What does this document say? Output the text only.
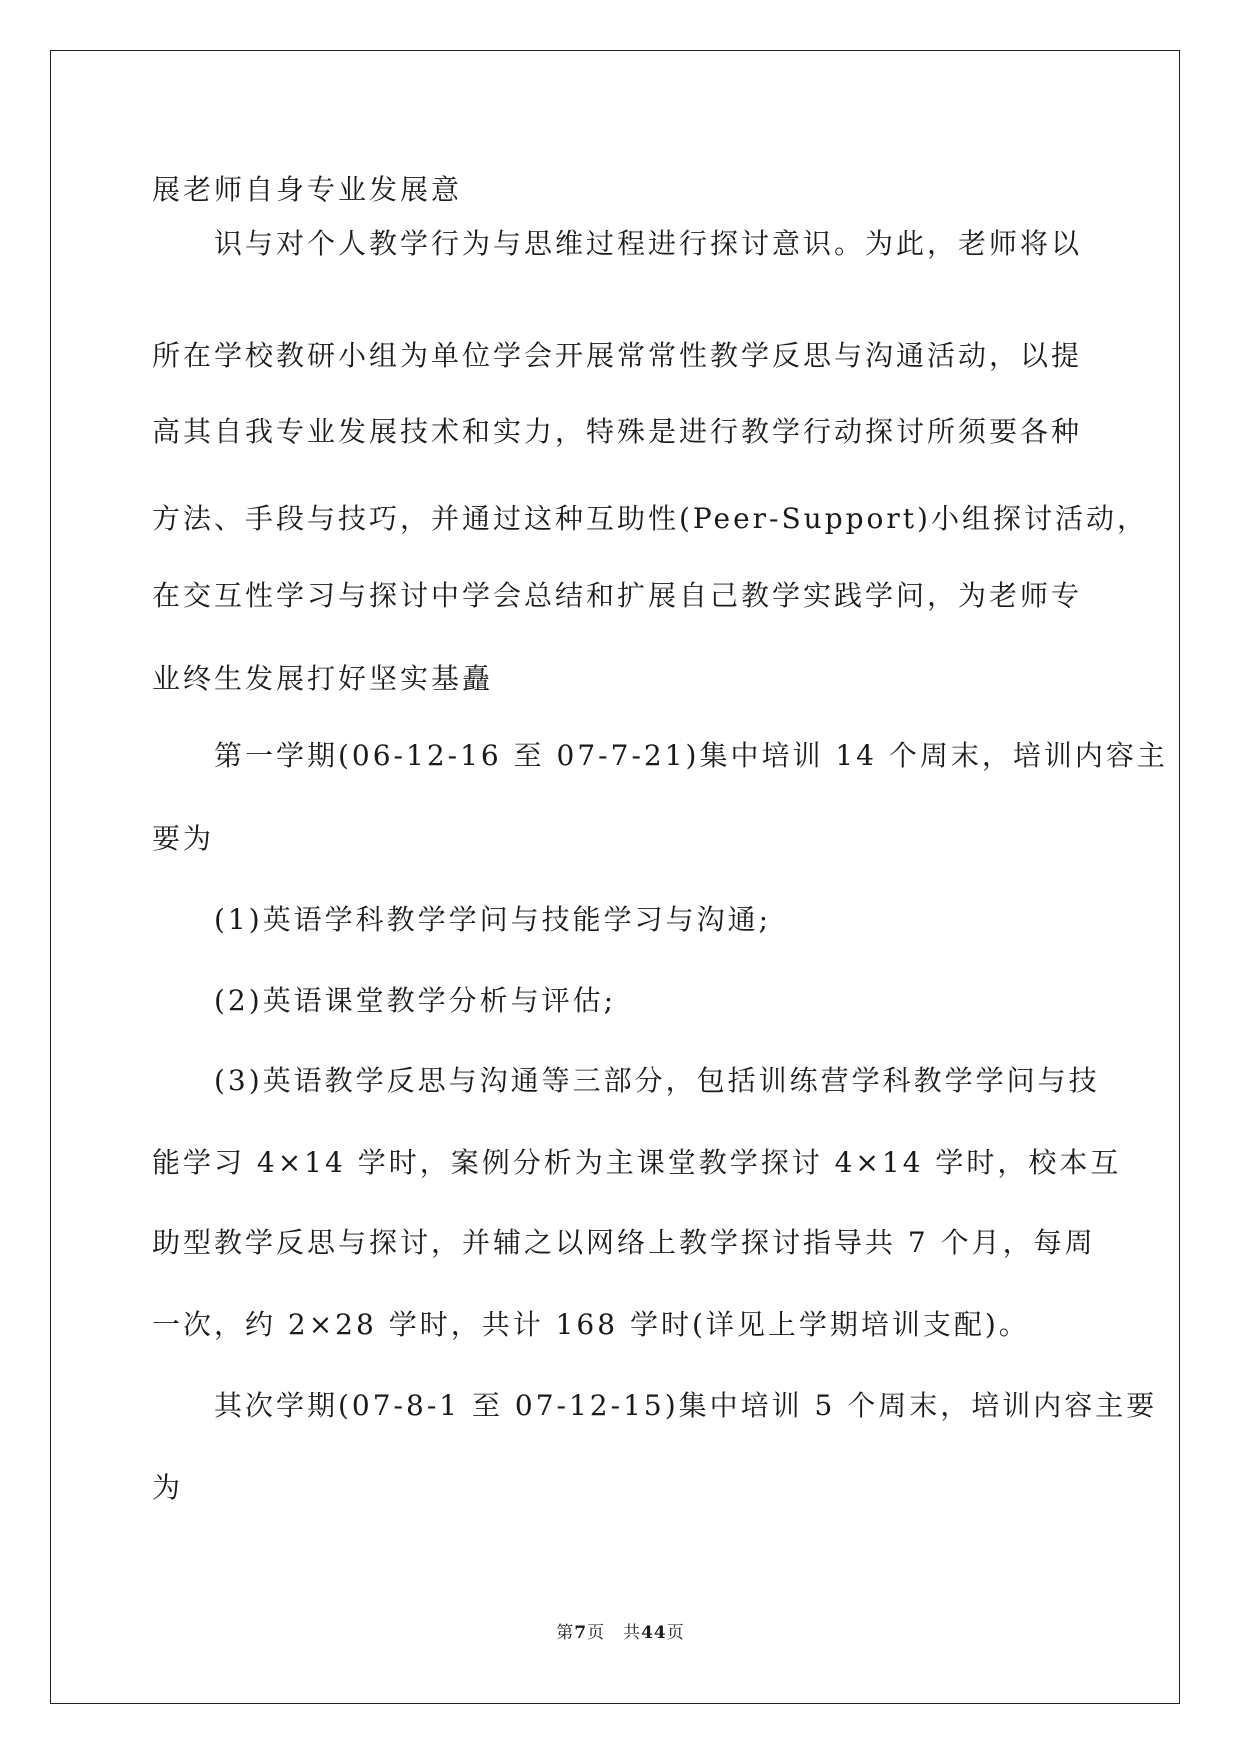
展老师自身专业发展意
识与对个人教学行为与思维过程进行探讨意识。为此，老师将以
所在学校教研小组为单位学会开展常常性教学反思与沟通活动，以提
高其自我专业发展技术和实力，特殊是进行教学行动探讨所须要各种
方法、手段与技巧，并通过这种互助性(Peer-Support)小组探讨活动，
在交互性学习与探讨中学会总结和扩展自己教学实践学问，为老师专
业终生发展打好坚实基矗
第一学期(06-12-16 至 07-7-21)集中培训 14 个周末，培训内容主
要为
(1)英语学科教学学问与技能学习与沟通;
(2)英语课堂教学分析与评估;
(3)英语教学反思与沟通等三部分，包括训练营学科教学学问与技
能学习 4×14 学时，案例分析为主课堂教学探讨 4×14 学时，校本互
助型教学反思与探讨，并辅之以网络上教学探讨指导共 7 个月，每周
一次，约 2×28 学时，共计 168 学时(详见上学期培训支配)。
其次学期(07-8-1 至 07-12-15)集中培训 5 个周末，培训内容主要
为
第7页　共44页
